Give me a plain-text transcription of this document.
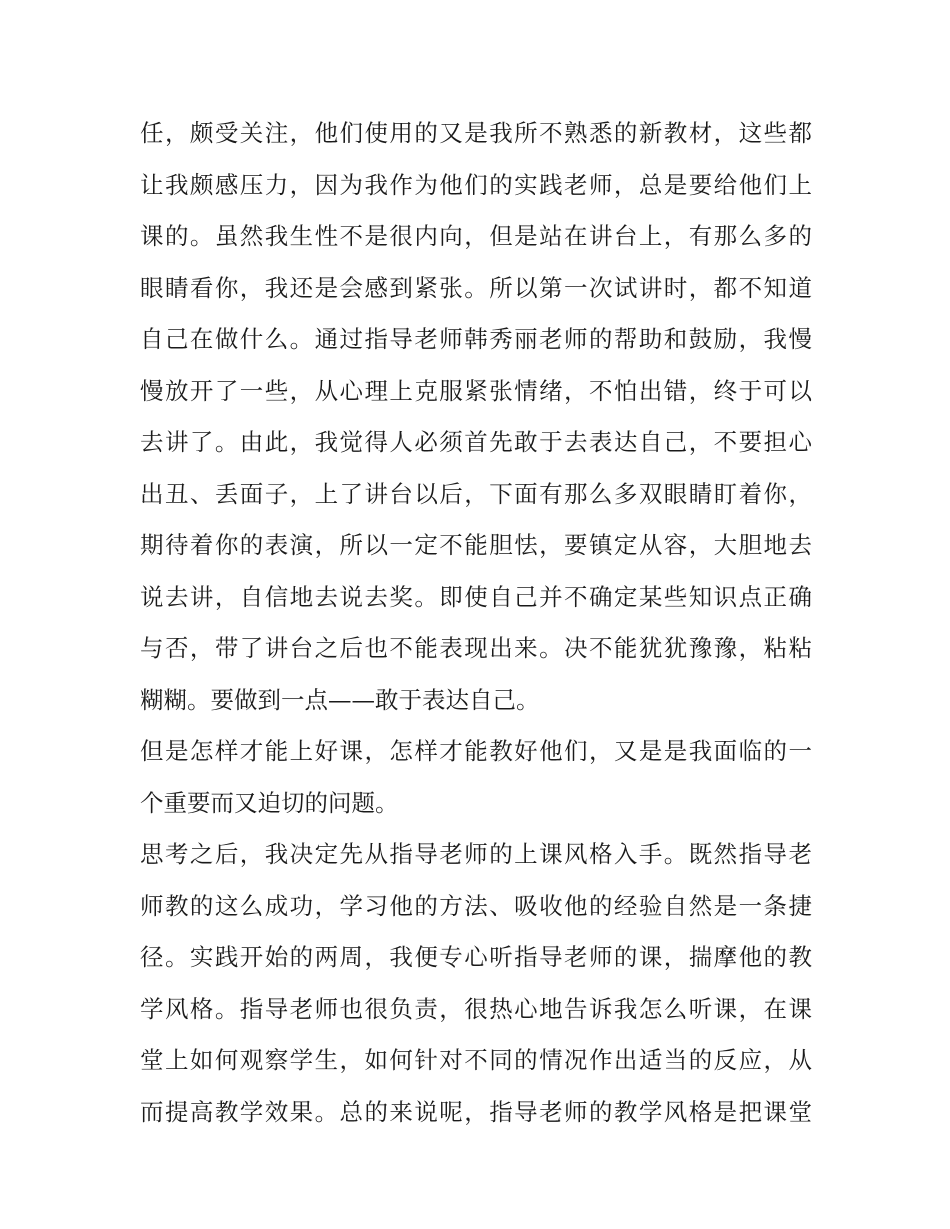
任，颇受关注，他们使用的又是我所不熟悉的新教材，这些都
让我颇感压力，因为我作为他们的实践老师，总是要给他们上
课的。虽然我生性不是很内向，但是站在讲台上，有那么多的
眼睛看你，我还是会感到紧张。所以第一次试讲时，都不知道
自己在做什么。通过指导老师韩秀丽老师的帮助和鼓励，我慢
慢放开了一些，从心理上克服紧张情绪，不怕出错，终于可以
去讲了。由此，我觉得人必须首先敢于去表达自己，不要担心
出丑、丢面子，上了讲台以后，下面有那么多双眼睛盯着你，
期待着你的表演，所以一定不能胆怯，要镇定从容，大胆地去
说去讲，自信地去说去奖。即使自己并不确定某些知识点正确
与否，带了讲台之后也不能表现出来。决不能犹犹豫豫，粘粘
糊糊。要做到一点——敢于表达自己。
但是怎样才能上好课，怎样才能教好他们，又是是我面临的一
个重要而又迫切的问题。
思考之后，我决定先从指导老师的上课风格入手。既然指导老
师教的这么成功，学习他的方法、吸收他的经验自然是一条捷
径。实践开始的两周，我便专心听指导老师的课，揣摩他的教
学风格。指导老师也很负责，很热心地告诉我怎么听课，在课
堂上如何观察学生，如何针对不同的情况作出适当的反应，从
而提高教学效果。总的来说呢，指导老师的教学风格是把课堂
